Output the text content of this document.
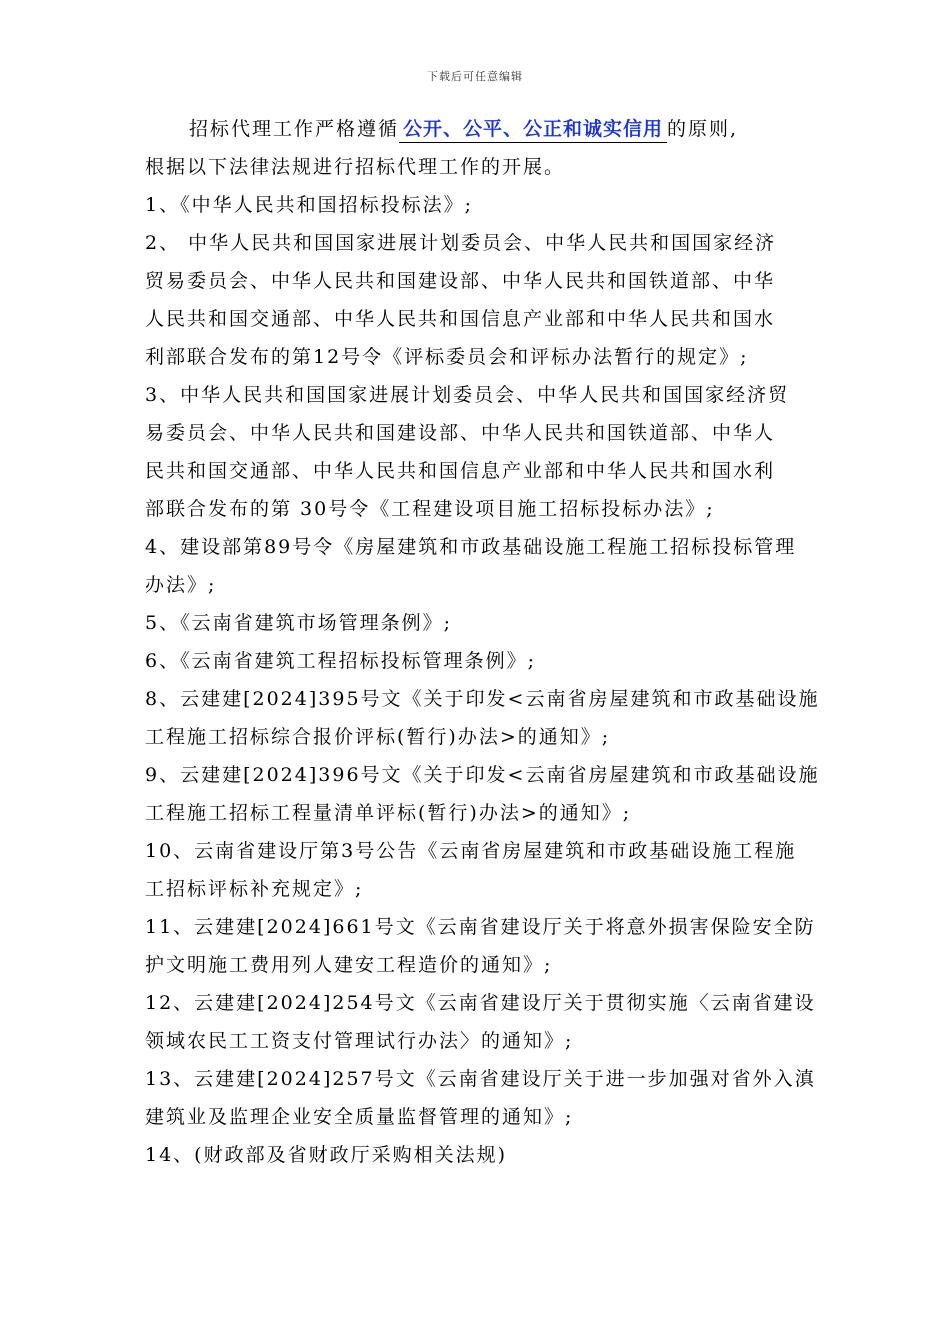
下载后可任意编辑
招标代理工作严格遵循 公开、公平、公正和诚实信用 的原则,
根据以下法律法规进行招标代理工作的开展。
1、《中华人民共和国招标投标法》;
2、 中华人民共和国国家进展计划委员会、中华人民共和国国家经济
贸易委员会、中华人民共和国建设部、中华人民共和国铁道部、中华
人民共和国交通部、中华人民共和国信息产业部和中华人民共和国水
利部联合发布的第12号令《评标委员会和评标办法暂行的规定》;
3、中华人民共和国国家进展计划委员会、中华人民共和国国家经济贸
易委员会、中华人民共和国建设部、中华人民共和国铁道部、中华人
民共和国交通部、中华人民共和国信息产业部和中华人民共和国水利
部联合发布的第 30号令《工程建设项目施工招标投标办法》;
4、建设部第89号令《房屋建筑和市政基础设施工程施工招标投标管理
办法》;
5、《云南省建筑市场管理条例》;
6、《云南省建筑工程招标投标管理条例》;
8、云建建[2024]395号文《关于印发<云南省房屋建筑和市政基础设施
工程施工招标综合报价评标(暂行)办法>的通知》;
9、云建建[2024]396号文《关于印发<云南省房屋建筑和市政基础设施
工程施工招标工程量清单评标(暂行)办法>的通知》;
10、云南省建设厅第3号公告《云南省房屋建筑和市政基础设施工程施
工招标评标补充规定》;
11、云建建[2024]661号文《云南省建设厅关于将意外损害保险安全防
护文明施工费用列人建安工程造价的通知》;
12、云建建[2024]254号文《云南省建设厅关于贯彻实施〈云南省建设
领域农民工工资支付管理试行办法〉的通知》;
13、云建建[2024]257号文《云南省建设厅关于进一步加强对省外入滇
建筑业及监理企业安全质量监督管理的通知》;
14、(财政部及省财政厅采购相关法规)
